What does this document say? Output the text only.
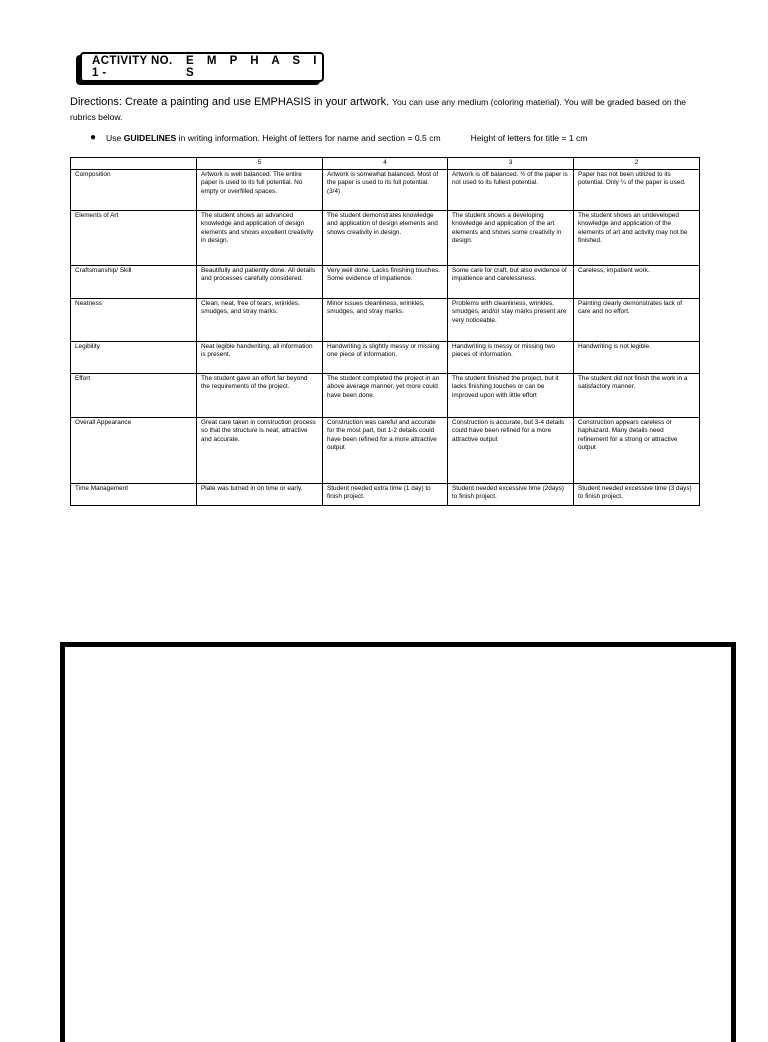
ACTIVITY NO. 1 -
E M P H A S I S
Directions: Create a painting and use EMPHASIS in your artwork. You can use any medium (coloring material). You will be graded based on the rubrics below.
● Use
GUIDELINES
in writing information. Height of letters for name and section = 0.5 cm	Height of letters for title = 1 cm
	5	4	3	2
Composition	Artwork is well balanced. The entire paper is used to its full potential. No empty or overfilled spaces.	Artwork is somewhat balanced. Most of the paper is used to its full potential. (3/4)	Artwork is off balanced. ½ of the paper is not used to its fullest potential.	Paper has not been utilized to its potential. Only ¼ of the paper is used.
Elements of Art	The student shows an advanced knowledge and application of design elements and shows excellent creativity in design.	The student demonstrates knowledge and application of design elements and shows creativity in design.	The student shows a developing knowledge and application of the art elements and shows some creativity in design.	The student shows an undeveloped knowledge and application of the elements of art and activity may not be finished.
Craftsmanship/ Skill	Beautifully and patiently done. All details and processes carefully considered.	Very well done. Lacks finishing touches. Some evidence of impatience.	Some care for craft, but also evidence of impatience and carelessness.	Careless, impatient work.
Neatness	Clean, neat, free of tears, wrinkles, smudges, and stray marks.	Minor issues cleanliness, wrinkles, smudges, and stray marks.	Problems with cleanliness, wrinkles, smudges, and/or stay marks present are very noticeable.	Painting clearly demonstrates lack of care and no effort.
Legibility	Neat legible handwriting, all information is present.	Handwriting is slightly messy or missing one piece of information.	Handwriting is messy or missing two pieces of information.	Handwriting is not legible.
Effort	The student gave an effort far beyond the requirements of the project.	The student completed the project in an above average manner, yet more could have been done.	The student finished the project, but it lacks finishing touches or can be improved upon with little effort	The student did not finish the work in a satisfactory manner.
Overall Appearance	Great care taken in construction process so that the structure is neat, attractive and accurate.	Construction was careful and accurate for the most part, but 1-2 details could have been refined for a more attractive output	Construction is accurate, but 3-4 details could have been refined for a more attractive output	Construction appears careless or haphazard. Many details need refinement for a strong or attractive output
Time Management	Plate was turned in on time or early.	Student needed extra time (1 day) to finish project.	Student needed excessive time (2days) to finish project.	Student needed excessive time (3 days) to finish project.
